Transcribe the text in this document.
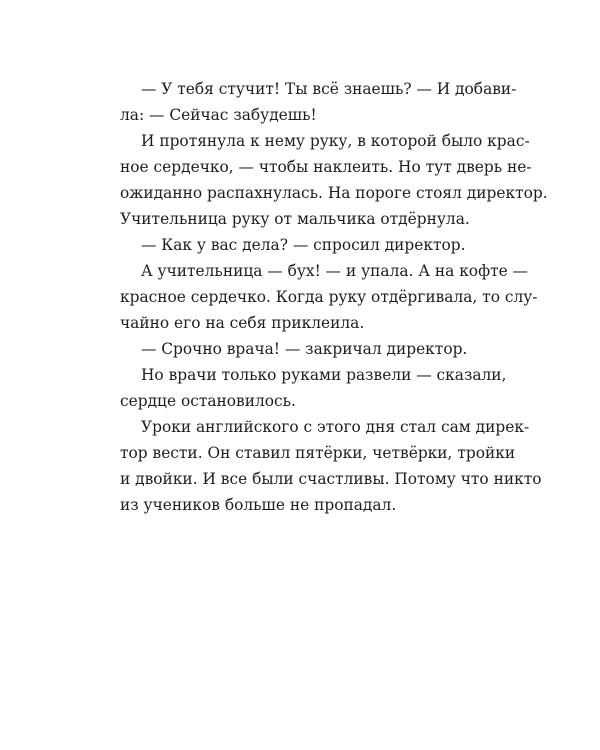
— У тебя стучит! Ты всё знаешь? — И добави-
ла: — Сейчас забудешь!
И протянула к нему руку, в которой было крас-
ное сердечко, — чтобы наклеить. Но тут дверь не-
ожиданно распахнулась. На пороге стоял директор.
Учительница руку от мальчика отдёрнула.
— Как у вас дела? — спросил директор.
А учительница — бух! — и упала. А на кофте —
красное сердечко. Когда руку отдёргивала, то слу-
чайно его на себя приклеила.
— Срочно врача! — закричал директор.
Но врачи только руками развели — сказали,
сердце остановилось.
Уроки английского с этого дня стал сам дирек-
тор вести. Он ставил пятёрки, четвёрки, тройки
и двойки. И все были счастливы. Потому что никто
из учеников больше не пропадал.
